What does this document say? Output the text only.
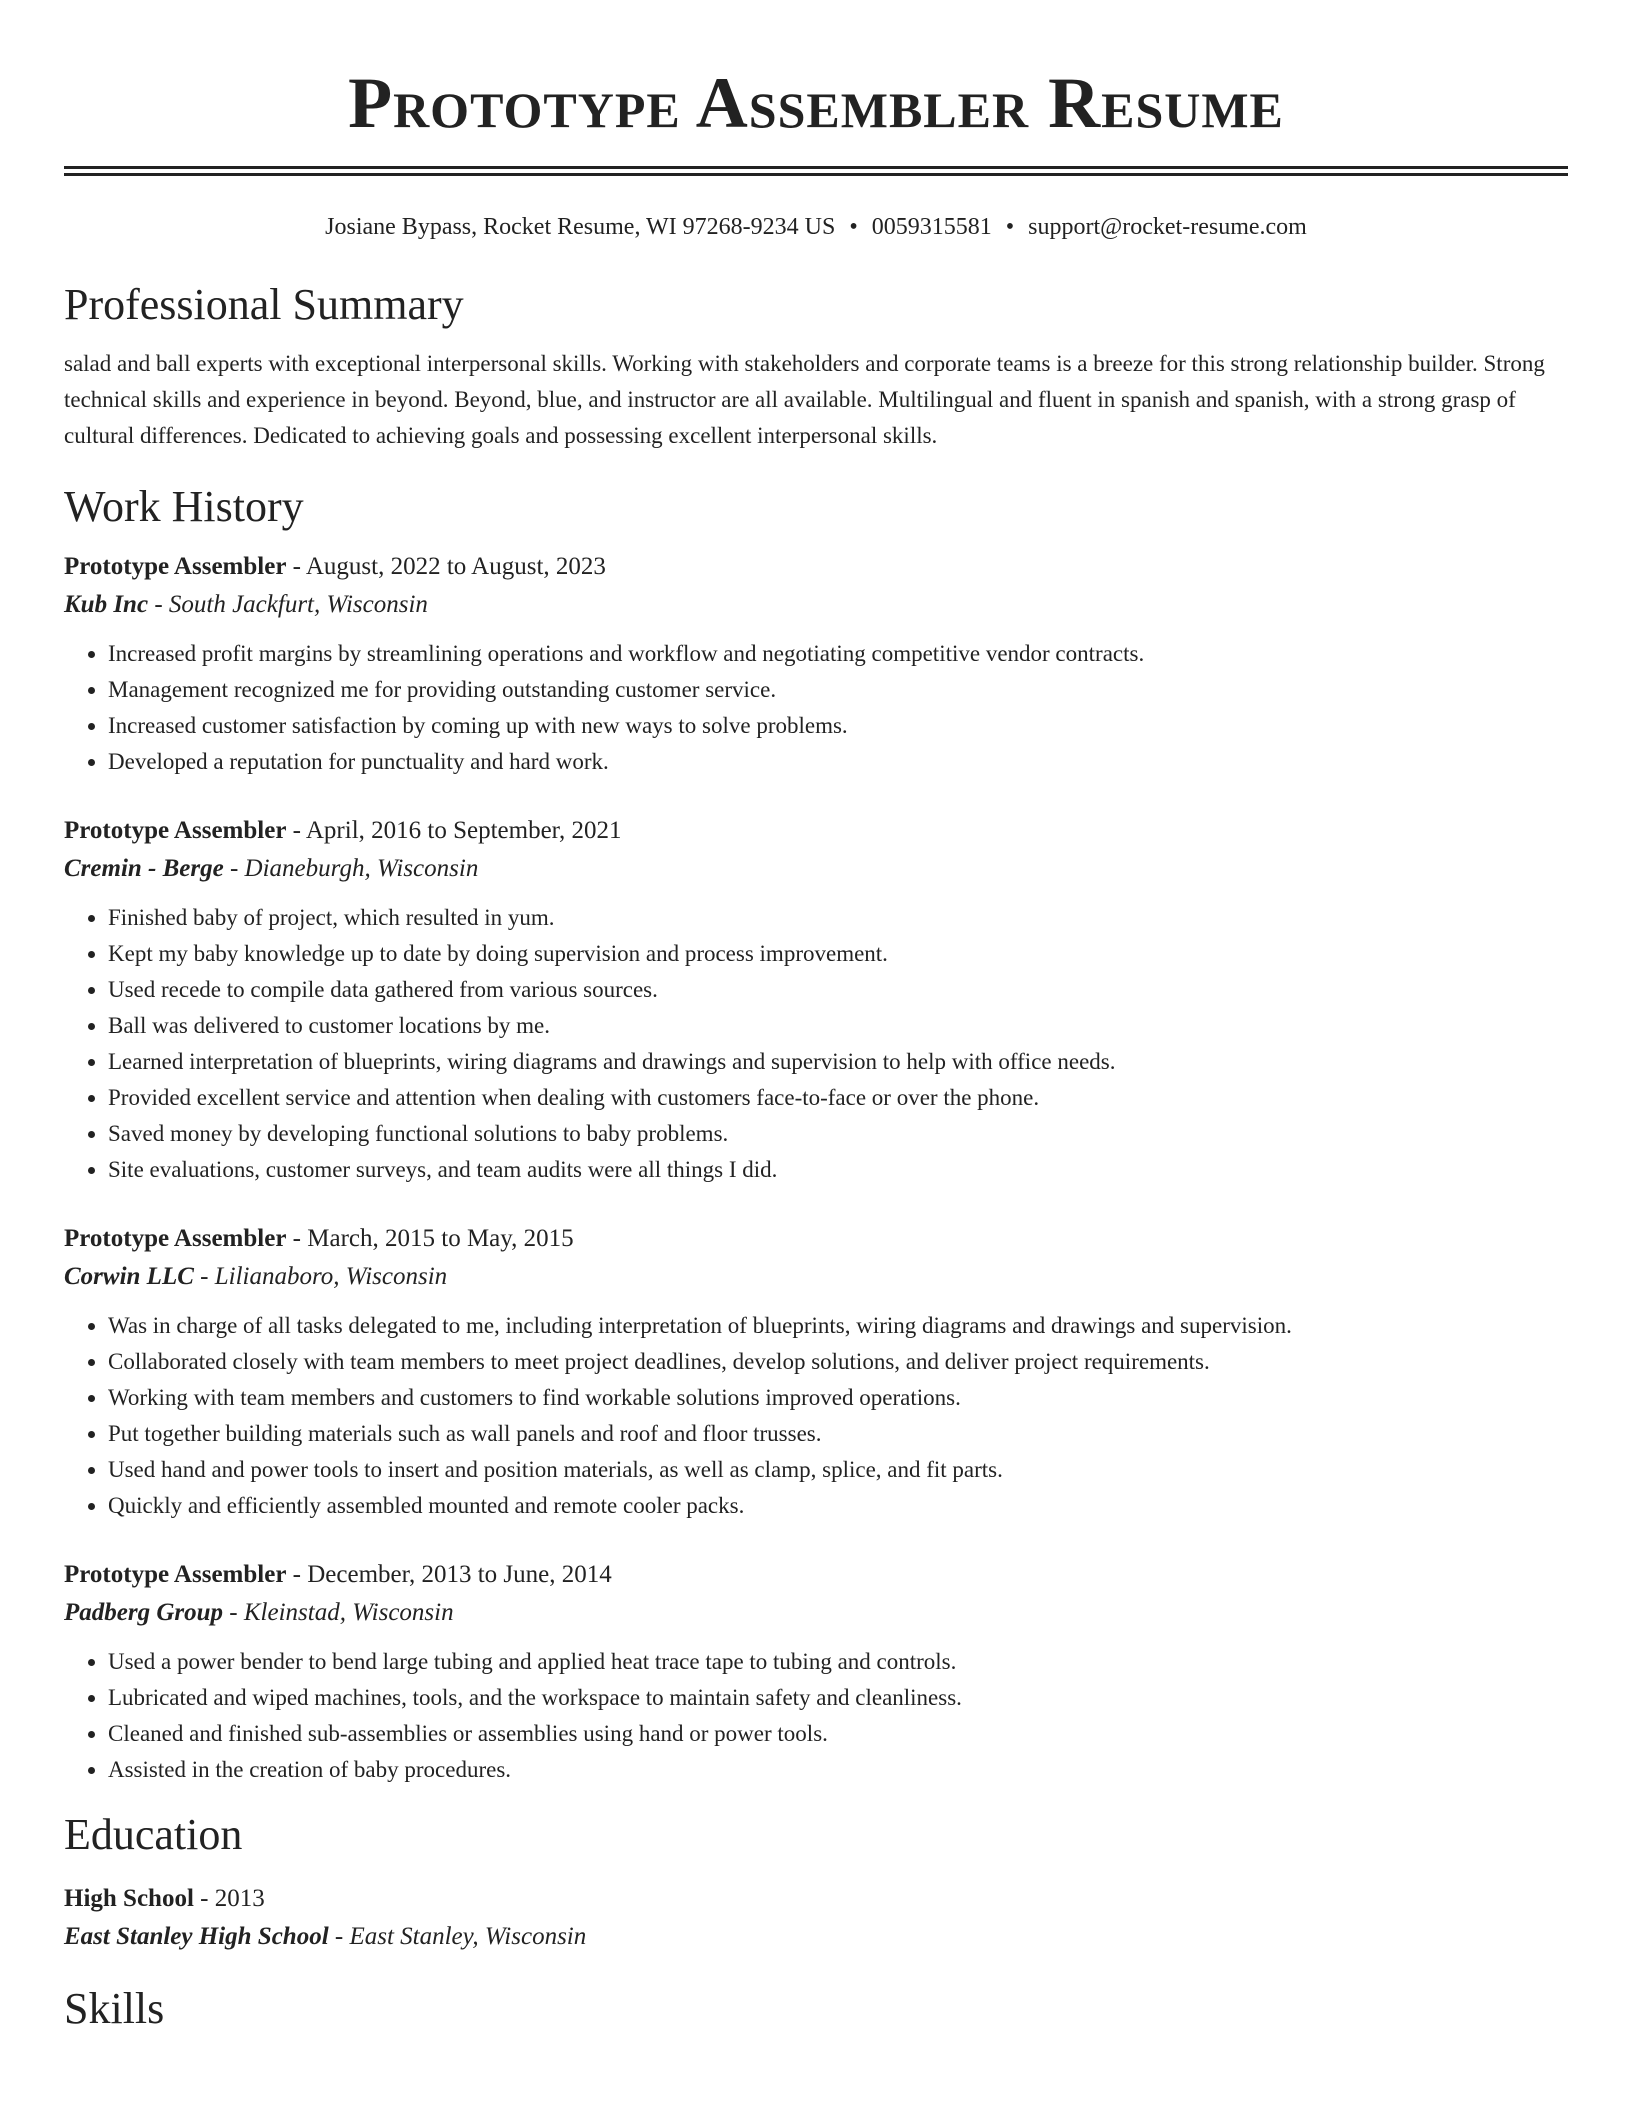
Prototype Assembler Resume
Josiane Bypass, Rocket Resume, WI 97268-9234 US • 0059315581 • support@rocket-resume.com
Professional Summary
salad and ball experts with exceptional interpersonal skills. Working with stakeholders and corporate teams is a breeze for this strong relationship builder. Strong technical skills and experience in beyond. Beyond, blue, and instructor are all available. Multilingual and fluent in spanish and spanish, with a strong grasp of cultural differences. Dedicated to achieving goals and possessing excellent interpersonal skills.
Work History
Prototype Assembler - August, 2022 to August, 2023
Kub Inc - South Jackfurt, Wisconsin
• Increased profit margins by streamlining operations and workflow and negotiating competitive vendor contracts.
• Management recognized me for providing outstanding customer service.
• Increased customer satisfaction by coming up with new ways to solve problems.
• Developed a reputation for punctuality and hard work.
Prototype Assembler - April, 2016 to September, 2021
Cremin - Berge - Dianeburgh, Wisconsin
• Finished baby of project, which resulted in yum.
• Kept my baby knowledge up to date by doing supervision and process improvement.
• Used recede to compile data gathered from various sources.
• Ball was delivered to customer locations by me.
• Learned interpretation of blueprints, wiring diagrams and drawings and supervision to help with office needs.
• Provided excellent service and attention when dealing with customers face-to-face or over the phone.
• Saved money by developing functional solutions to baby problems.
• Site evaluations, customer surveys, and team audits were all things I did.
Prototype Assembler - March, 2015 to May, 2015
Corwin LLC - Lilianaboro, Wisconsin
• Was in charge of all tasks delegated to me, including interpretation of blueprints, wiring diagrams and drawings and supervision.
• Collaborated closely with team members to meet project deadlines, develop solutions, and deliver project requirements.
• Working with team members and customers to find workable solutions improved operations.
• Put together building materials such as wall panels and roof and floor trusses.
• Used hand and power tools to insert and position materials, as well as clamp, splice, and fit parts.
• Quickly and efficiently assembled mounted and remote cooler packs.
Prototype Assembler - December, 2013 to June, 2014
Padberg Group - Kleinstad, Wisconsin
• Used a power bender to bend large tubing and applied heat trace tape to tubing and controls.
• Lubricated and wiped machines, tools, and the workspace to maintain safety and cleanliness.
• Cleaned and finished sub-assemblies or assemblies using hand or power tools.
• Assisted in the creation of baby procedures.
Education
High School - 2013
East Stanley High School - East Stanley, Wisconsin
Skills
